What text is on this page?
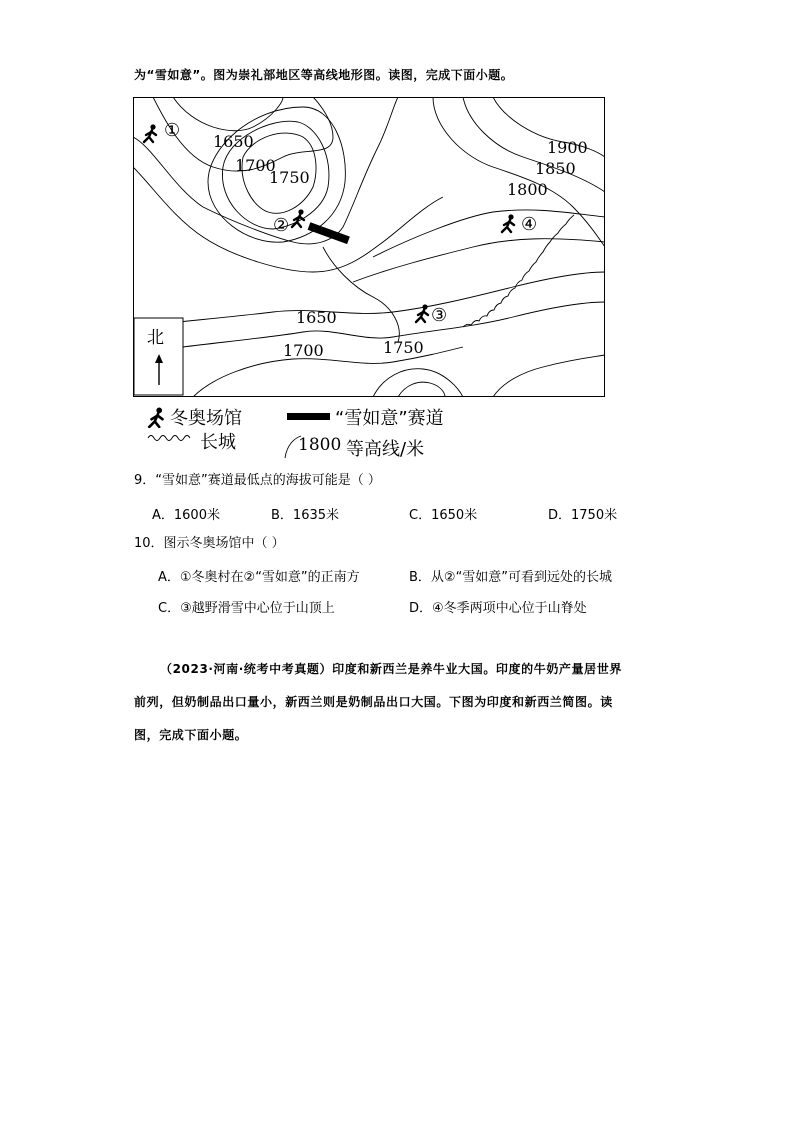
为“雪如意”。图为崇礼部地区等高线地形图。读图，完成下面小题。
①
②
③
④
1650
1700
1750
1900
1850
1800
1650
1700	1750
北
冬奥场馆	“雪如意”赛道
长城	1800 等高线/米
9．“雪如意”赛道最低点的海拔可能是（ ）
A．1600米	B．1635米	C．1650米	D．1750米
10．图示冬奥场馆中（ ）
A．①冬奥村在②“雪如意”的正南方	B．从②“雪如意”可看到远处的长城
C．③越野滑雪中心位于山顶上	D．④冬季两项中心位于山脊处
（2023·河南·统考中考真题）印度和新西兰是养牛业大国。印度的牛奶产量居世界
前列，但奶制品出口量小，新西兰则是奶制品出口大国。下图为印度和新西兰简图。读
图，完成下面小题。
